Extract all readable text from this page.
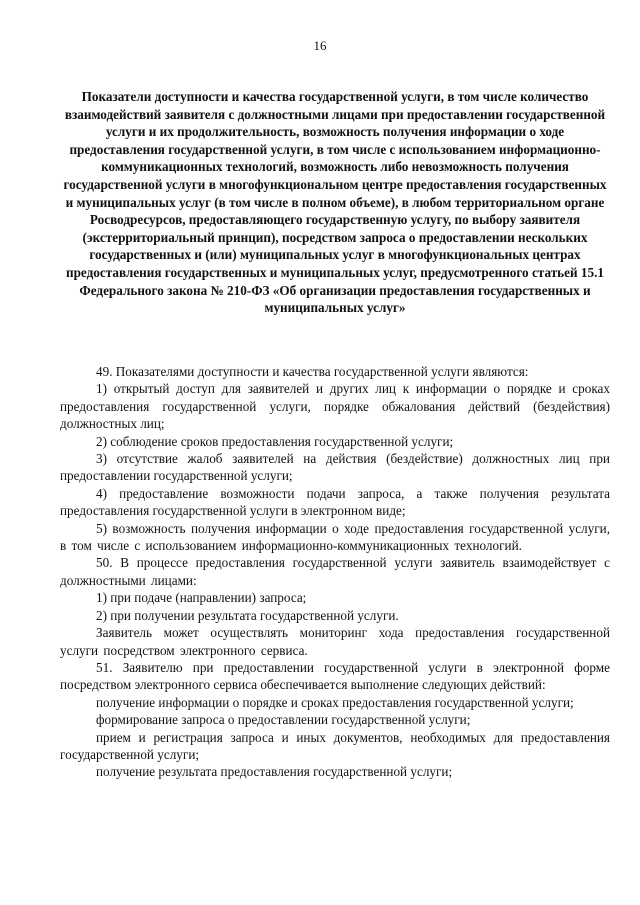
16
Показатели доступности и качества государственной услуги, в том числе количество взаимодействий заявителя с должностными лицами при предоставлении государственной услуги и их продолжительность, возможность получения информации о ходе предоставления государственной услуги, в том числе с использованием информационно-коммуникационных технологий, возможность либо невозможность получения государственной услуги в многофункциональном центре предоставления государственных и муниципальных услуг (в том числе в полном объеме), в любом территориальном органе Росводресурсов, предоставляющего государственную услугу, по выбору заявителя (экстерриториальный принцип), посредством запроса о предоставлении нескольких государственных и (или) муниципальных услуг в многофункциональных центрах предоставления государственных и муниципальных услуг, предусмотренного статьей 15.1 Федерального закона № 210-ФЗ «Об организации предоставления государственных и муниципальных услуг»

49. Показателями доступности и качества государственной услуги являются:

1) открытый доступ для заявителей и других лиц к информации о порядке и сроках предоставления государственной услуги, порядке обжалования действий (бездействия) должностных лиц;

2) соблюдение сроков предоставления государственной услуги;

3) отсутствие жалоб заявителей на действия (бездействие) должностных лиц при предоставлении государственной услуги;

4) предоставление возможности подачи запроса, а также получения результата предоставления государственной услуги в электронном виде;

5) возможность получения информации о ходе предоставления государственной услуги, в том числе с использованием информационно-коммуникационных технологий.

50. В процессе предоставления государственной услуги заявитель взаимодействует с должностными лицами:

1) при подаче (направлении) запроса;

2) при получении результата государственной услуги.

Заявитель может осуществлять мониторинг хода предоставления государственной услуги посредством электронного сервиса.

51. Заявителю при предоставлении государственной услуги в электронной форме посредством электронного сервиса обеспечивается выполнение следующих действий:

получение информации о порядке и сроках предоставления государственной услуги;

формирование запроса о предоставлении государственной услуги;

прием и регистрация запроса и иных документов, необходимых для предоставления государственной услуги;

получение результата предоставления государственной услуги;
